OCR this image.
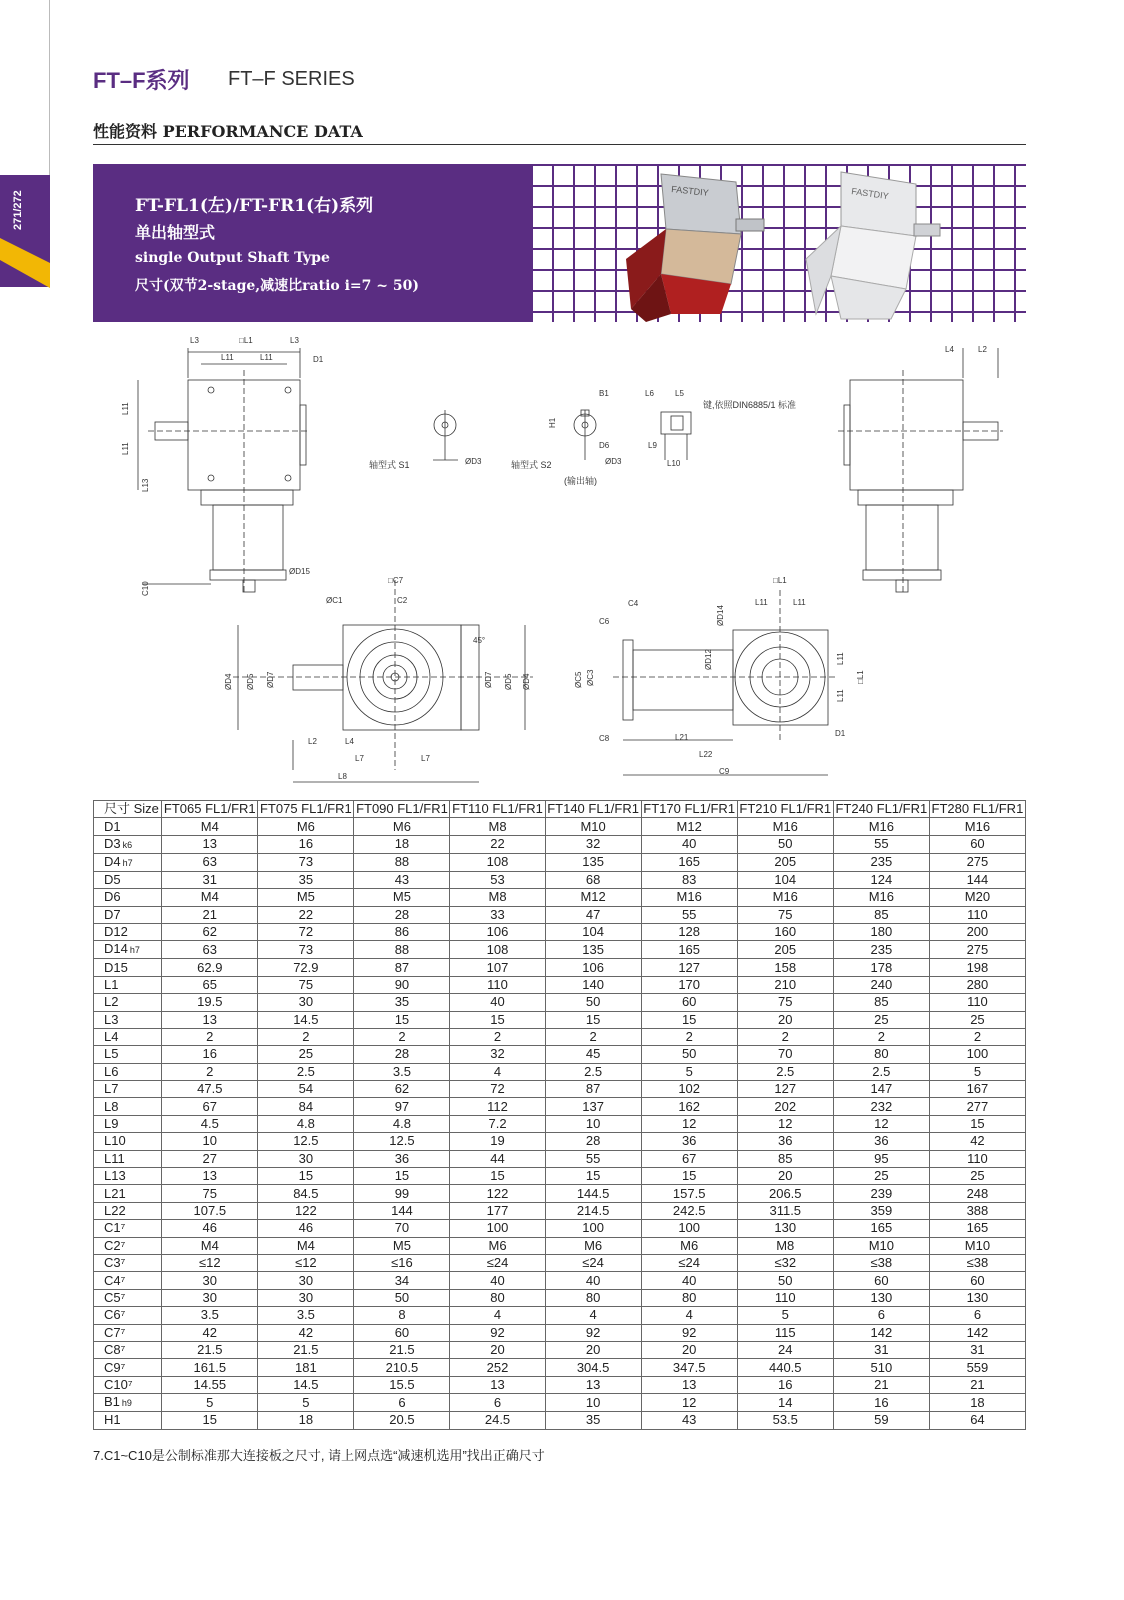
271/272
FT–F系列 FT–F SERIES
性能资料 PERFORMANCE DATA
FT-FL1(左)/FT-FR1(右)系列
单出轴型式
single Output Shaft Type
尺寸(双节2-stage,减速比ratio i=7 ~ 50)
FASTDIY	FASTDIY
L3	□L1	L3
L11	L11	D1
L11
L11
L13
ØD15
C10
轴型式 S1	ØD3	轴型式 S2
(输出轴)
ØD3
B1
H1
D6
L6	L5
L9
L10
键,依照DIN6885/1 标准
L4	L2
□C7
ØC1	C2
45°
ØD4 ØD5 ØD7	ØD7 ØD5 ØD4
L2	L4
L7	L7
L8
□L1
L11	L11
C4
C6
ØC5 ØC3
ØD12
ØD14
C8	L21
L22
C9
D1
L11
L11
□L1
尺寸 Size	FT065 FL1/FR1	FT075 FL1/FR1	FT090 FL1/FR1	FT110 FL1/FR1	FT140 FL1/FR1	FT170 FL1/FR1	FT210 FL1/FR1	FT240 FL1/FR1	FT280 FL1/FR1
D1	M4	M6	M6	M8	M10	M12	M16	M16	M16
D3 k6	13	16	18	22	32	40	50	55	60
D4 h7	63	73	88	108	135	165	205	235	275
D5	31	35	43	53	68	83	104	124	144
D6	M4	M5	M5	M8	M12	M16	M16	M16	M20
D7	21	22	28	33	47	55	75	85	110
D12	62	72	86	106	104	128	160	180	200
D14 h7	63	73	88	108	135	165	205	235	275
D15	62.9	72.9	87	107	106	127	158	178	198
L1	65	75	90	110	140	170	210	240	280
L2	19.5	30	35	40	50	60	75	85	110
L3	13	14.5	15	15	15	15	20	25	25
L4	2	2	2	2	2	2	2	2	2
L5	16	25	28	32	45	50	70	80	100
L6	2	2.5	3.5	4	2.5	5	2.5	2.5	5
L7	47.5	54	62	72	87	102	127	147	167
L8	67	84	97	112	137	162	202	232	277
L9	4.5	4.8	4.8	7.2	10	12	12	12	15
L10	10	12.5	12.5	19	28	36	36	36	42
L11	27	30	36	44	55	67	85	95	110
L13	13	15	15	15	15	15	20	25	25
L21	75	84.5	99	122	144.5	157.5	206.5	239	248
L22	107.5	122	144	177	214.5	242.5	311.5	359	388
C1⁷	46	46	70	100	100	100	130	165	165
C2⁷	M4	M4	M5	M6	M6	M6	M8	M10	M10
C3⁷	≤12	≤12	≤16	≤24	≤24	≤24	≤32	≤38	≤38
C4⁷	30	30	34	40	40	40	50	60	60
C5⁷	30	30	50	80	80	80	110	130	130
C6⁷	3.5	3.5	8	4	4	4	5	6	6
C7⁷	42	42	60	92	92	92	115	142	142
C8⁷	21.5	21.5	21.5	20	20	20	24	31	31
C9⁷	161.5	181	210.5	252	304.5	347.5	440.5	510	559
C10⁷	14.55	14.5	15.5	13	13	13	16	21	21
B1 h9	5	5	6	6	10	12	14	16	18
H1	15	18	20.5	24.5	35	43	53.5	59	64
7.C1~C10是公制标准那大连接板之尺寸, 请上网点选“减速机选用”找出正确尺寸
